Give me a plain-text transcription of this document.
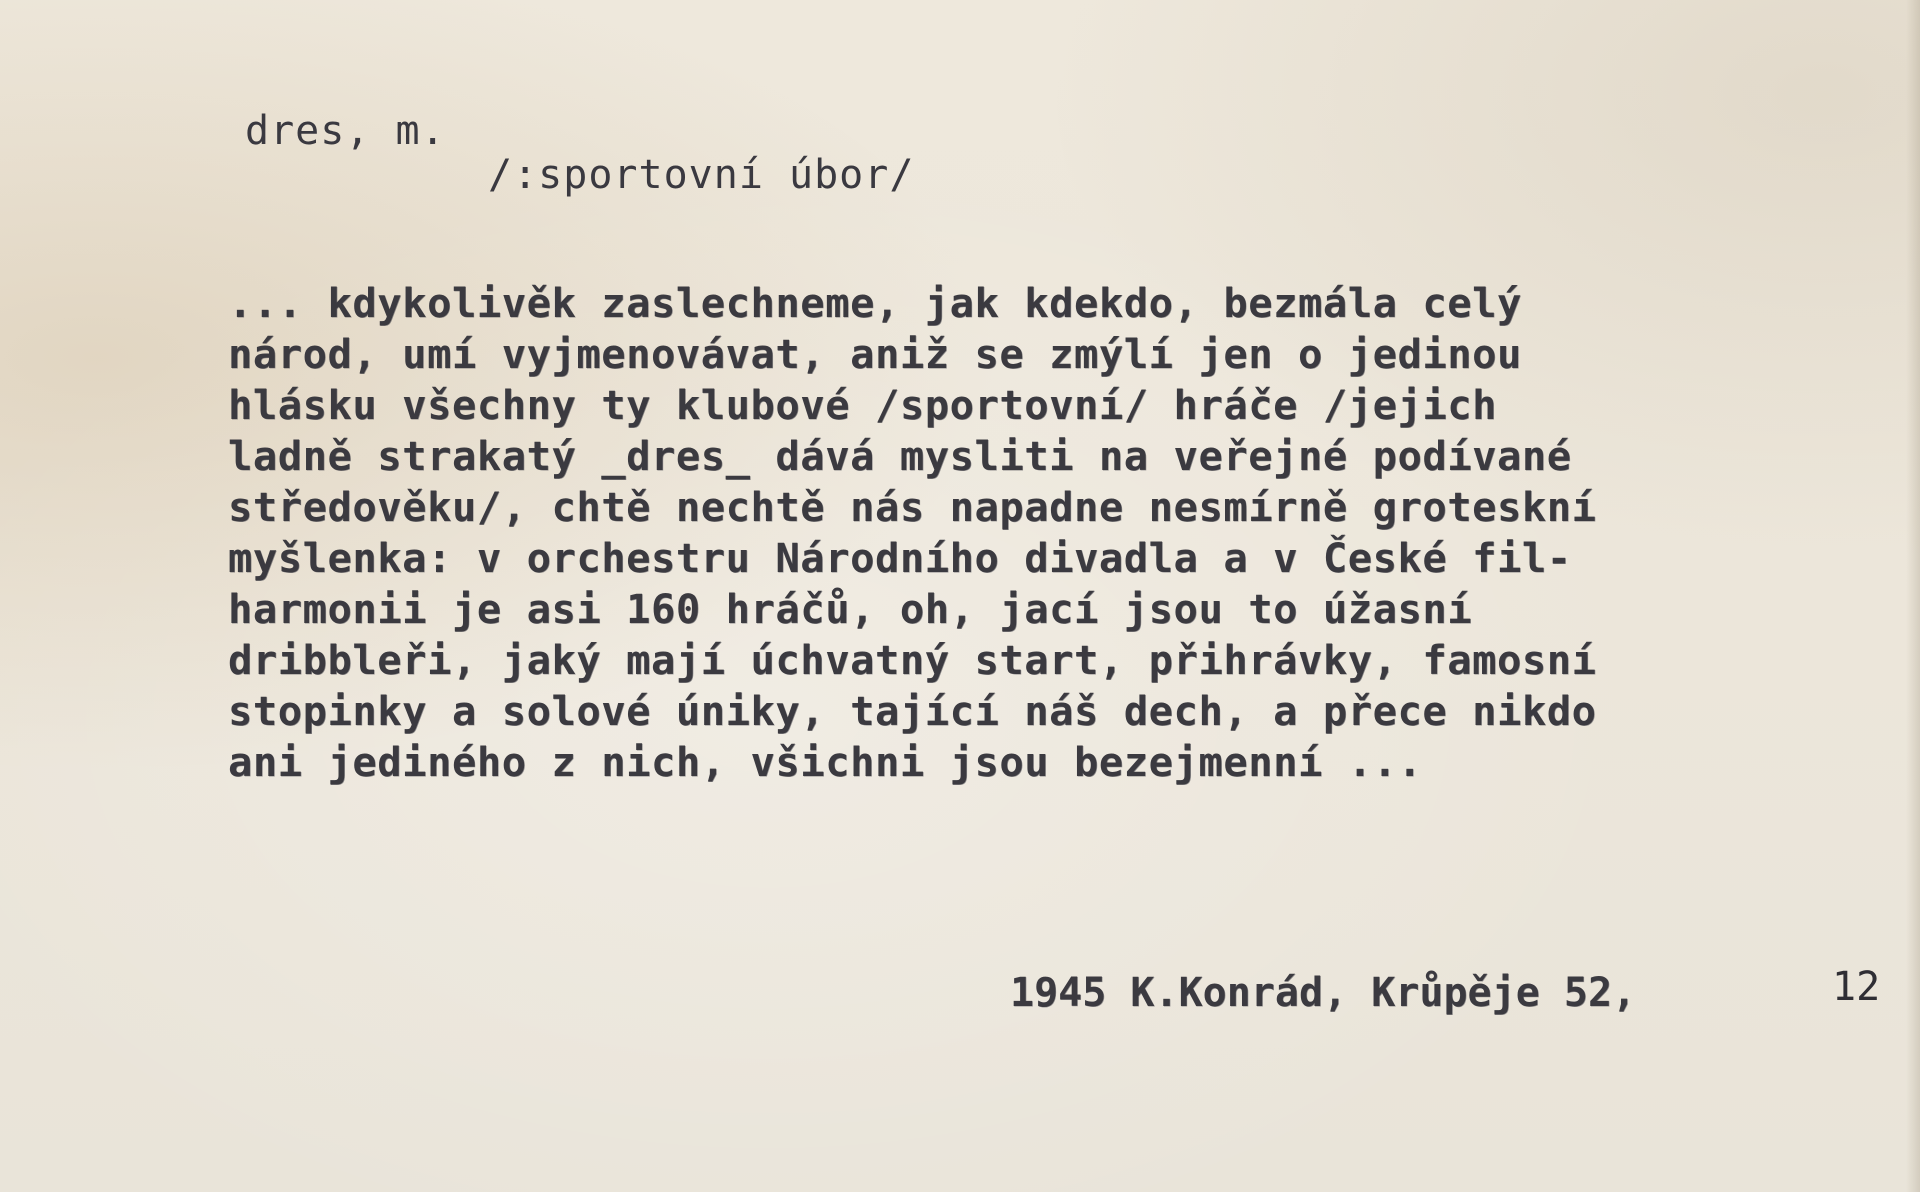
dres, m.
/:sportovní úbor/
... kdykolivěk zaslechneme, jak kdekdo, bezmála celý
národ, umí vyjmenovávat, aniž se zmýlí jen o jedinou
hlásku všechny ty klubové /sportovní/ hráče /jejich
ladně strakatý _dres_ dává mysliti na veřejné podívané
středověku/, chtě nechtě nás napadne nesmírně groteskní
myšlenka: v orchestru Národního divadla a v České fil-
harmonii je asi 160 hráčů, oh, jací jsou to úžasní
dribbleři, jaký mají úchvatný start, přihrávky, famosní
stopinky a solové úniky, tající náš dech, a přece nikdo
ani jediného z nich, všichni jsou bezejmenní ...
1945 K.Konrád, Krůpěje 52,	12
